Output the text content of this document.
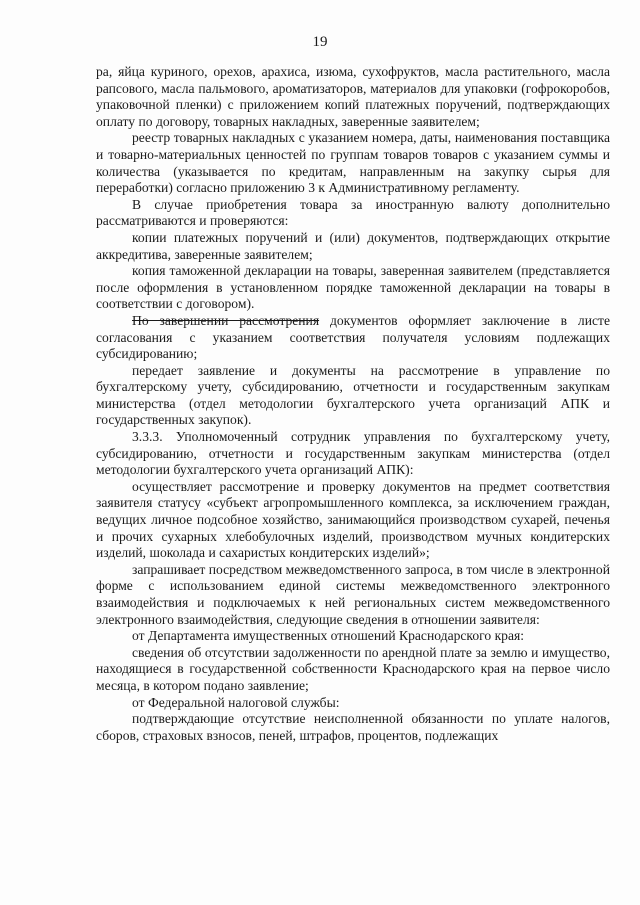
19

ра, яйца куриного, орехов, арахиса, изюма, сухофруктов, масла растительного, масла рапсового, масла пальмового, ароматизаторов, материалов для упаковки (гофрокоробов, упаковочной пленки) с приложением копий платежных поручений, подтверждающих оплату по договору, товарных накладных, заверенные заявителем;

реестр товарных накладных с указанием номера, даты, наименования поставщика и товарно-материальных ценностей по группам товаров товаров с указанием суммы и количества (указывается по кредитам, направленным на закупку сырья для переработки) согласно приложению 3 к Административному регламенту.

В случае приобретения товара за иностранную валюту дополнительно рассматриваются и проверяются:

копии платежных поручений и (или) документов, подтверждающих открытие аккредитива, заверенные заявителем;

копия таможенной декларации на товары, заверенная заявителем (представляется после оформления в установленном порядке таможенной декларации на товары в соответствии с договором).

По завершении рассмотрения документов оформляет заключение в листе согласования с указанием соответствия получателя условиям подлежащих субсидированию;

передает заявление и документы на рассмотрение в управление по бухгалтерскому учету, субсидированию, отчетности и государственным закупкам министерства (отдел методологии бухгалтерского учета организаций АПК и государственных закупок).

3.3.3. Уполномоченный сотрудник управления по бухгалтерскому учету, субсидированию, отчетности и государственным закупкам министерства (отдел методологии бухгалтерского учета организаций АПК):

осуществляет рассмотрение и проверку документов на предмет соответствия заявителя статусу «субъект агропромышленного комплекса, за исключением граждан, ведущих личное подсобное хозяйство, занимающийся производством сухарей, печенья и прочих сухарных хлебобулочных изделий, производством мучных кондитерских изделий, шоколада и сахаристых кондитерских изделий»;

запрашивает посредством межведомственного запроса, в том числе в электронной форме с использованием единой системы межведомственного электронного взаимодействия и подключаемых к ней региональных систем межведомственного электронного взаимодействия, следующие сведения в отношении заявителя:

от Департамента имущественных отношений Краснодарского края:

сведения об отсутствии задолженности по арендной плате за землю и имущество, находящиеся в государственной собственности Краснодарского края на первое число месяца, в котором подано заявление;

от Федеральной налоговой службы:

подтверждающие отсутствие неисполненной обязанности по уплате налогов, сборов, страховых взносов, пеней, штрафов, процентов, подлежащих
